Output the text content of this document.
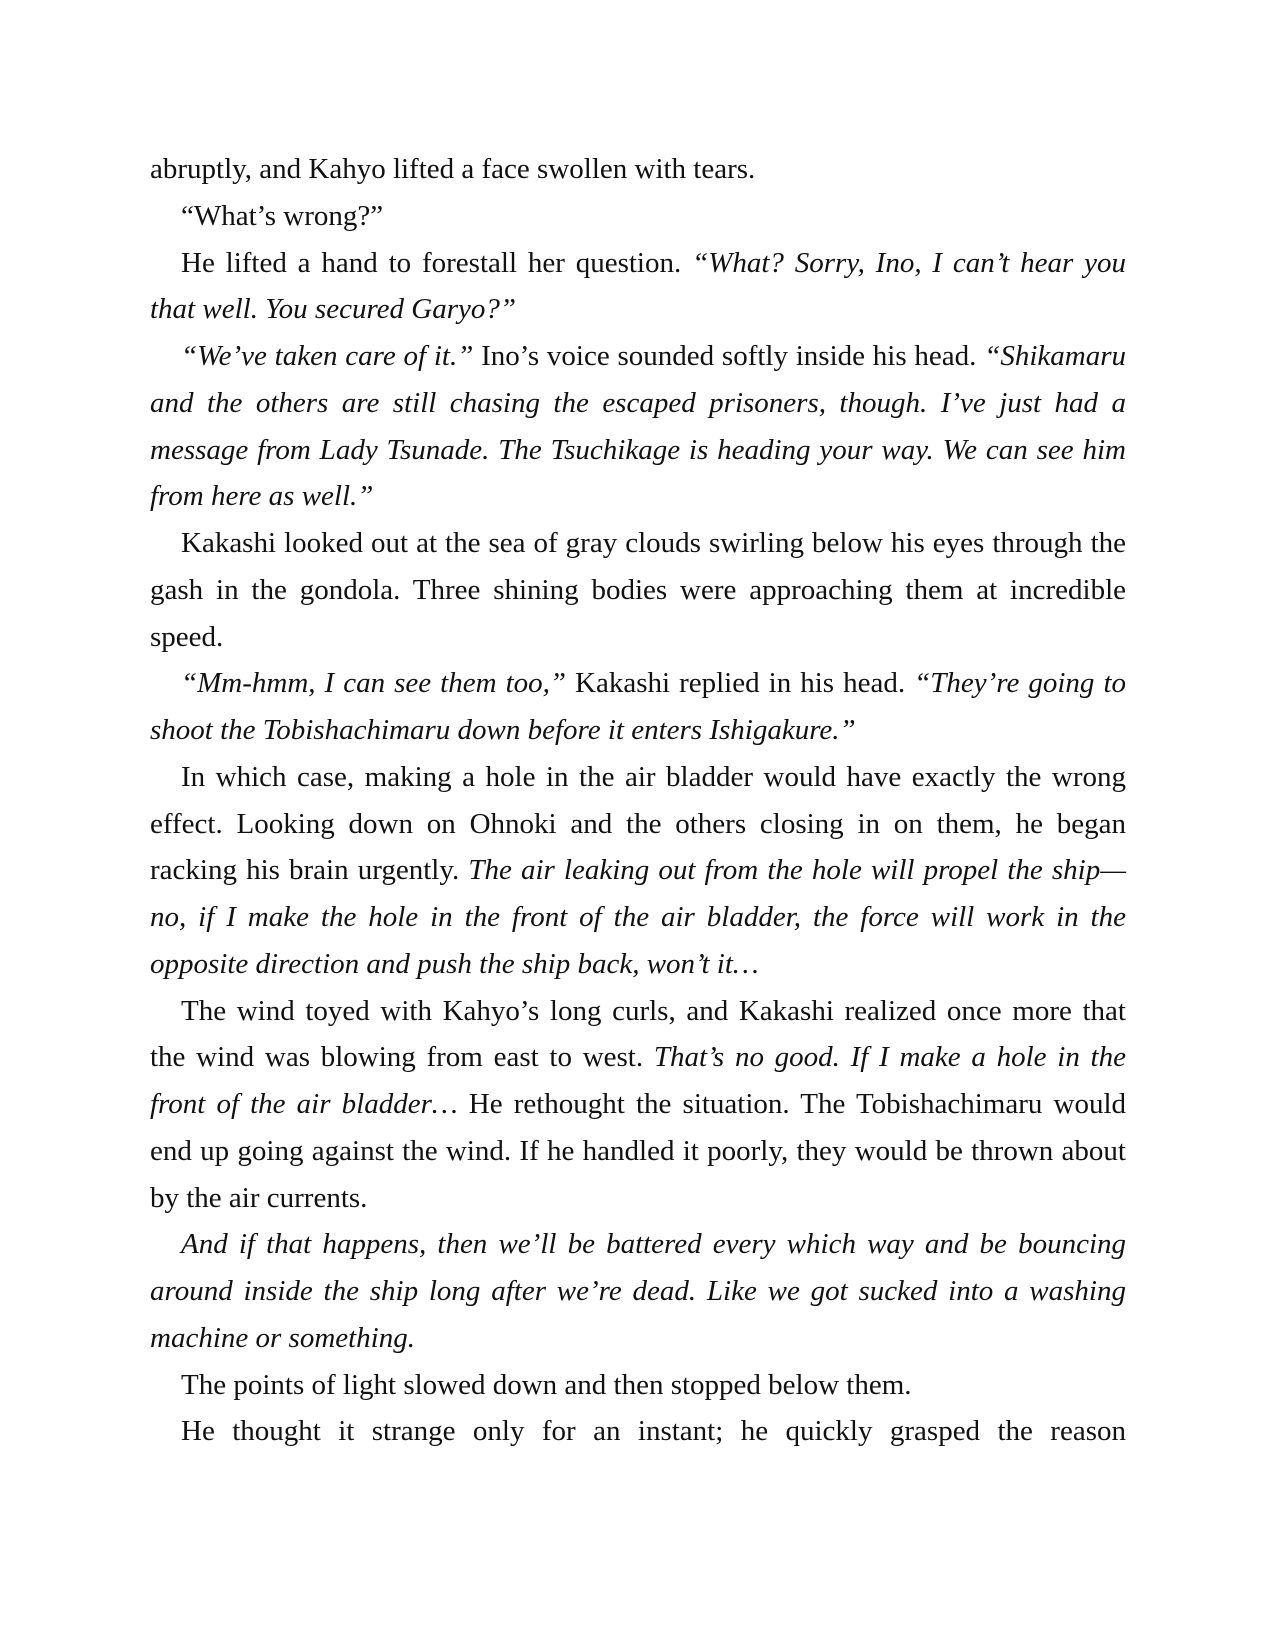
abruptly, and Kahyo lifted a face swollen with tears.

“What’s wrong?”

He lifted a hand to forestall her question. “What? Sorry, Ino, I can’t hear you that well. You secured Garyo?”

“We’ve taken care of it.” Ino’s voice sounded softly inside his head. “Shikamaru and the others are still chasing the escaped prisoners, though. I’ve just had a message from Lady Tsunade. The Tsuchikage is heading your way. We can see him from here as well.”

Kakashi looked out at the sea of gray clouds swirling below his eyes through the gash in the gondola. Three shining bodies were approaching them at incredible speed.

“Mm-hmm, I can see them too,” Kakashi replied in his head. “They’re going to shoot the Tobishachimaru down before it enters Ishigakure.”

In which case, making a hole in the air bladder would have exactly the wrong effect. Looking down on Ohnoki and the others closing in on them, he began racking his brain urgently. The air leaking out from the hole will propel the ship—no, if I make the hole in the front of the air bladder, the force will work in the opposite direction and push the ship back, won’t it…

The wind toyed with Kahyo’s long curls, and Kakashi realized once more that the wind was blowing from east to west. That’s no good. If I make a hole in the front of the air bladder… He rethought the situation. The Tobishachimaru would end up going against the wind. If he handled it poorly, they would be thrown about by the air currents.

And if that happens, then we’ll be battered every which way and be bouncing around inside the ship long after we’re dead. Like we got sucked into a washing machine or something.

The points of light slowed down and then stopped below them.

He thought it strange only for an instant; he quickly grasped the reason
